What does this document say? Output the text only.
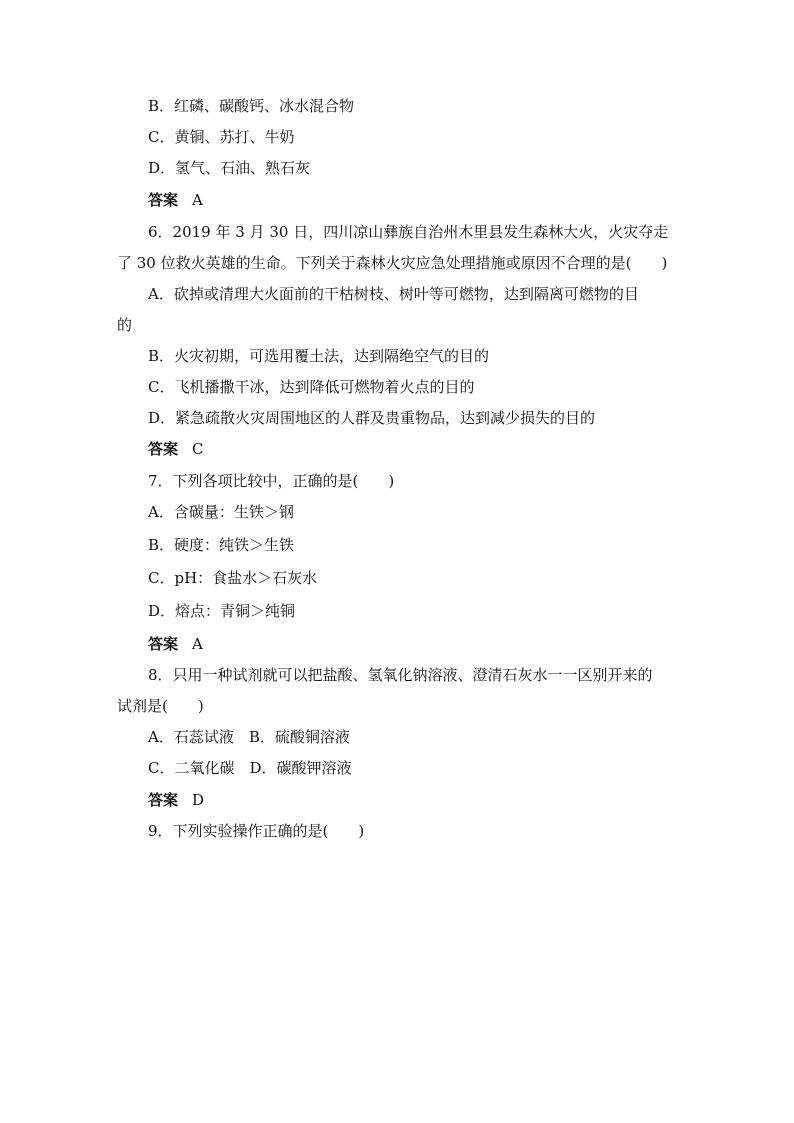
B．红磷、碳酸钙、冰水混合物
C．黄铜、苏打、牛奶
D．氢气、石油、熟石灰
答案 A
6．2019 年 3 月 30 日，四川凉山彝族自治州木里县发生森林大火，火灾夺走
了 30 位救火英雄的生命。下列关于森林火灾应急处理措施或原因不合理的是(　　)
A．砍掉或清理大火面前的干枯树枝、树叶等可燃物，达到隔离可燃物的目
的
B．火灾初期，可选用覆土法，达到隔绝空气的目的
C．飞机播撒干冰，达到降低可燃物着火点的目的
D．紧急疏散火灾周围地区的人群及贵重物品，达到减少损失的目的
答案 C
7．下列各项比较中，正确的是(　　)
A．含碳量：生铁＞钢
B．硬度：纯铁＞生铁
C．pH：食盐水＞石灰水
D．熔点：青铜＞纯铜
答案 A
8．只用一种试剂就可以把盐酸、氢氧化钠溶液、澄清石灰水一一区别开来的
试剂是(　　)
A．石蕊试液　B．硫酸铜溶液
C．二氧化碳　D．碳酸钾溶液
答案 D
9．下列实验操作正确的是(　　)
